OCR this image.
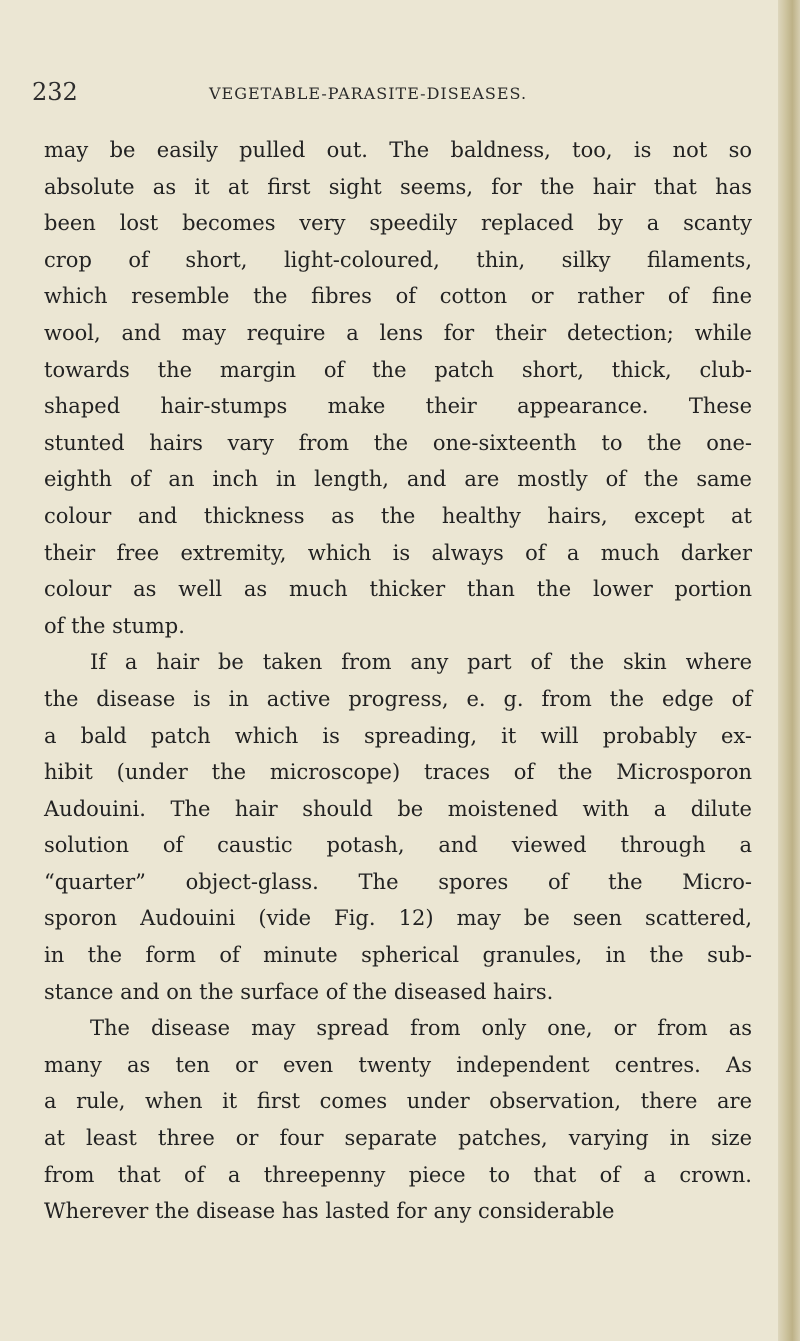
232	VEGETABLE-PARASITE-DISEASES.

may be easily pulled out. The baldness, too, is not so
absolute as it at first sight seems, for the hair that has
been lost becomes very speedily replaced by a scanty
crop of short, light-coloured, thin, silky filaments,
which resemble the fibres of cotton or rather of fine
wool, and may require a lens for their detection; while
towards the margin of the patch short, thick, club-
shaped hair-stumps make their appearance. These
stunted hairs vary from the one-sixteenth to the one-
eighth of an inch in length, and are mostly of the same
colour and thickness as the healthy hairs, except at
their free extremity, which is always of a much darker
colour as well as much thicker than the lower portion
of the stump.

If a hair be taken from any part of the skin where
the disease is in active progress, e. g. from the edge of
a bald patch which is spreading, it will probably ex-
hibit (under the microscope) traces of the Microsporon
Audouini. The hair should be moistened with a dilute
solution of caustic potash, and viewed through a
“quarter” object-glass. The spores of the Micro-
sporon Audouini (vide Fig. 12) may be seen scattered,
in the form of minute spherical granules, in the sub-
stance and on the surface of the diseased hairs.

The disease may spread from only one, or from as
many as ten or even twenty independent centres. As
a rule, when it first comes under observation, there are
at least three or four separate patches, varying in size
from that of a threepenny piece to that of a crown.
Wherever the disease has lasted for any considerable
